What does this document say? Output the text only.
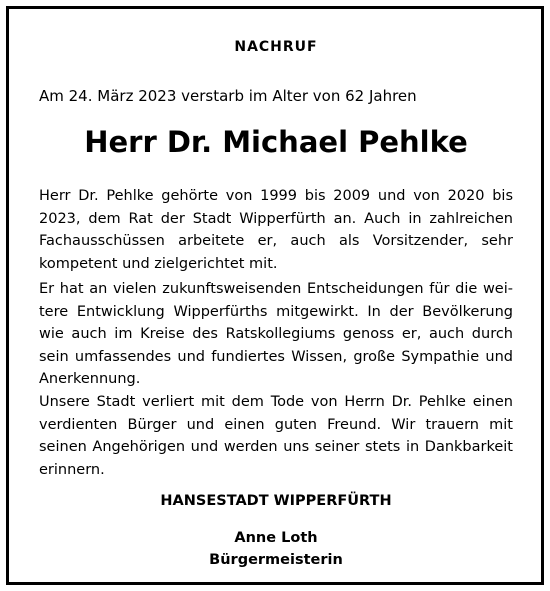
NACHRUF
Am 24. März 2023 verstarb im Alter von 62 Jahren
Herr Dr. Michael Pehlke
Herr Dr. Pehlke gehörte von 1999 bis 2009 und von 2020 bis
2023, dem Rat der Stadt Wipperfürth an. Auch in zahlreichen
Fachausschüssen arbeitete er, auch als Vorsitzender, sehr
kompetent und zielgerichtet mit.
Er hat an vielen zukunftsweisenden Entscheidungen für die wei-
tere Entwicklung Wipperfürths mitgewirkt. In der Bevölkerung
wie auch im Kreise des Ratskollegiums genoss er, auch durch
sein umfassendes und fundiertes Wissen, große Sympathie und
Anerkennung.
Unsere Stadt verliert mit dem Tode von Herrn Dr. Pehlke einen
verdienten Bürger und einen guten Freund. Wir trauern mit
seinen Angehörigen und werden uns seiner stets in Dankbarkeit
erinnern.
HANSESTADT WIPPERFÜRTH
Anne Loth
Bürgermeisterin
